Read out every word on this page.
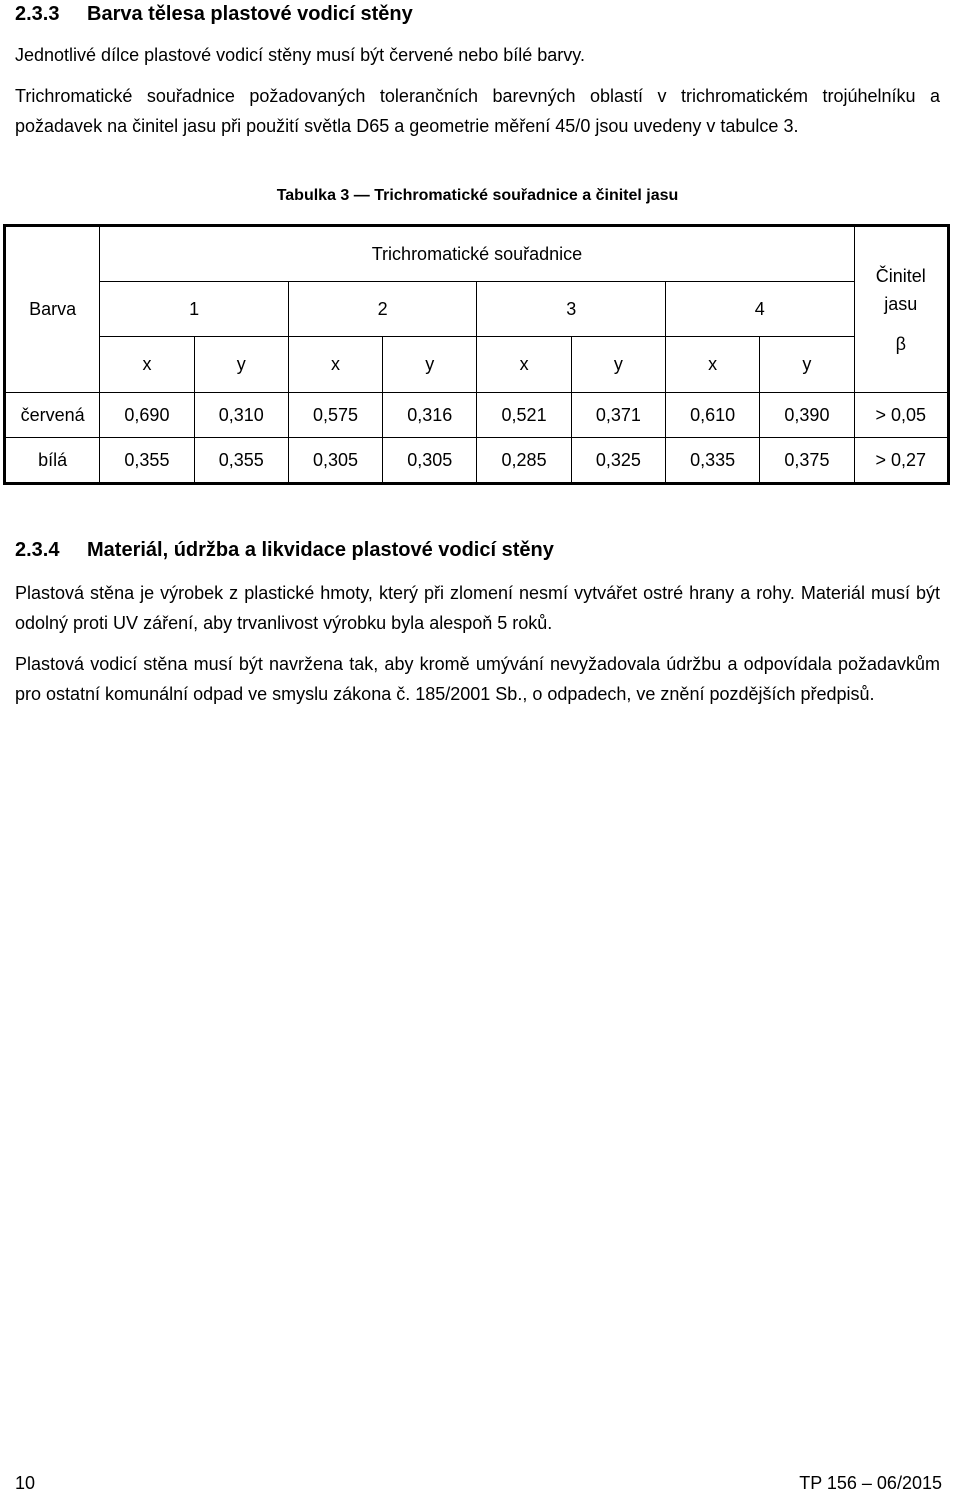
2.3.3 Barva tělesa plastové vodicí stěny
Jednotlivé dílce plastové vodicí stěny musí být červené nebo bílé barvy.
Trichromatické souřadnice požadovaných tolerančních barevných oblastí v trichromatickém trojúhelníku a požadavek na činitel jasu při použití světla D65 a geometrie měření 45/0 jsou uvedeny v tabulce 3.
Tabulka 3 — Trichromatické souřadnice a činitel jasu
Barva	Trichromatické souřadnice								Činitel
jasu
β

	1		2		3		4		
	x	y	x	y	x	y	x	y	
červená	0,690	0,310	0,575	0,316	0,521	0,371	0,610	0,390	> 0,05
bílá	0,355	0,355	0,305	0,305	0,285	0,325	0,335	0,375	> 0,27
2.3.4 Materiál, údržba a likvidace plastové vodicí stěny
Plastová stěna je výrobek z plastické hmoty, který při zlomení nesmí vytvářet ostré hrany a rohy. Materiál musí být odolný proti UV záření, aby trvanlivost výrobku byla alespoň 5 roků.
Plastová vodicí stěna musí být navržena tak, aby kromě umývání nevyžadovala údržbu a odpovídala požadavkům pro ostatní komunální odpad ve smyslu zákona č. 185/2001 Sb., o odpadech, ve znění pozdějších předpisů.
10	TP 156 – 06/2015
